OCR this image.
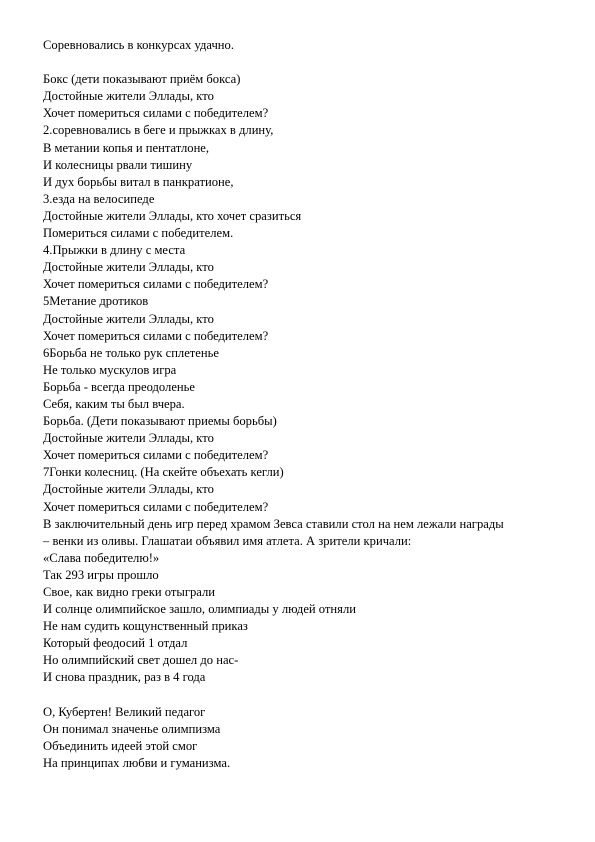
Соревновались в конкурсах удачно.
Бокс (дети показывают приём бокса)
Достойные жители Эллады, кто
Хочет помериться силами с победителем?
2.соревновались в беге и прыжках в длину,
В метании копья и пентатлоне,
И колесницы рвали тишину
И дух борьбы витал в панкратионе,
3.езда на велосипеде
Достойные жители Эллады, кто хочет сразиться
Помериться силами с победителем.
4.Прыжки в длину с места
Достойные жители Эллады, кто
Хочет помериться силами с победителем?
5Метание дротиков
Достойные жители Эллады, кто
Хочет помериться силами с победителем?
6Борьба не только рук сплетенье
Не только мускулов игра
Борьба - всегда преодоленье
Себя, каким ты был вчера.
Борьба. (Дети показывают приемы борьбы)
Достойные жители Эллады, кто
Хочет помериться силами с победителем?
7Гонки колесниц. (На скейте объехать кегли)
Достойные жители Эллады, кто
Хочет помериться силами с победителем?
В заключительный день игр перед храмом Зевса ставили стол на нем лежали награды
– венки из оливы. Глашатаи объявил имя атлета. А зрители кричали:
«Слава победителю!»
Так 293 игры прошло
Свое, как видно греки отыграли
И солнце олимпийское зашло, олимпиады у людей отняли
Не нам судить кощунственный приказ
Который феодосий 1 отдал
Но олимпийский свет дошел до нас-
И снова праздник, раз в 4 года
О, Кубертен! Великий педагог
Он понимал значенье олимпизма
Объединить идеей этой смог
На принципах любви и гуманизма.
